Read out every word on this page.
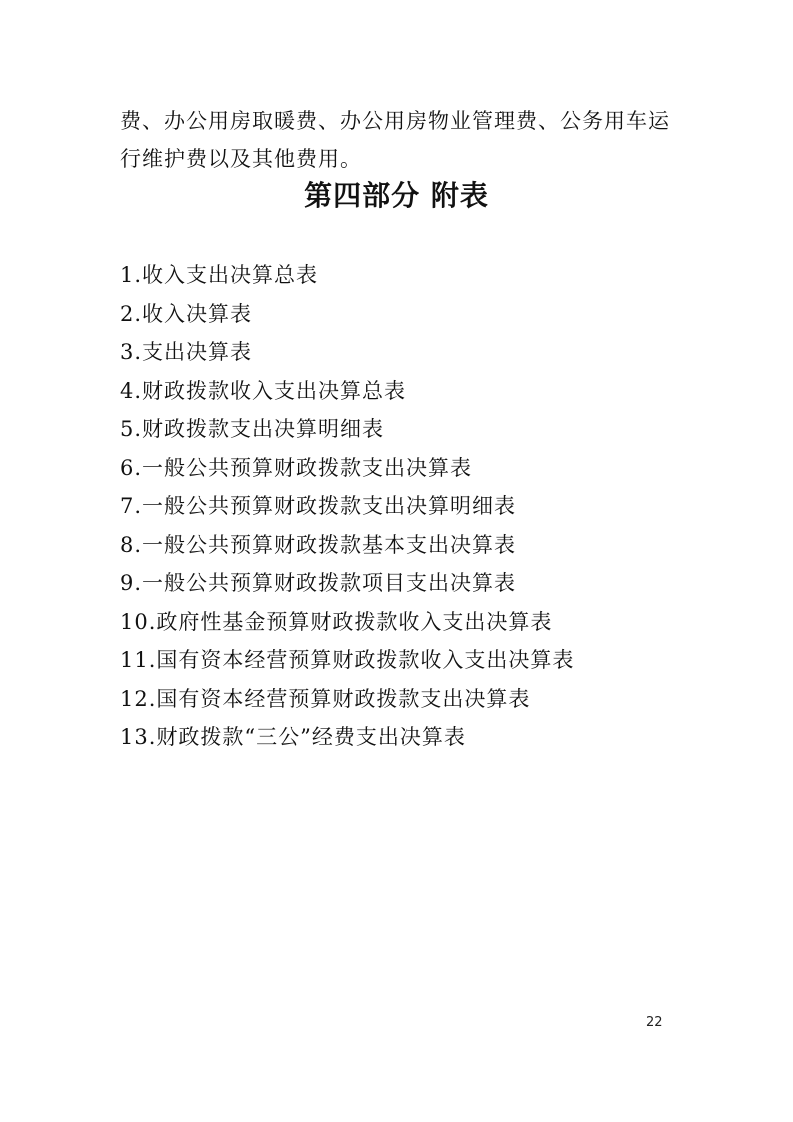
费、办公用房取暖费、办公用房物业管理费、公务用车运
行维护费以及其他费用。
第四部分 附表
1.收入支出决算总表
2.收入决算表
3.支出决算表
4.财政拨款收入支出决算总表
5.财政拨款支出决算明细表
6.一般公共预算财政拨款支出决算表
7.一般公共预算财政拨款支出决算明细表
8.一般公共预算财政拨款基本支出决算表
9.一般公共预算财政拨款项目支出决算表
10.政府性基金预算财政拨款收入支出决算表
11.国有资本经营预算财政拨款收入支出决算表
12.国有资本经营预算财政拨款支出决算表
13.财政拨款“三公”经费支出决算表
22
